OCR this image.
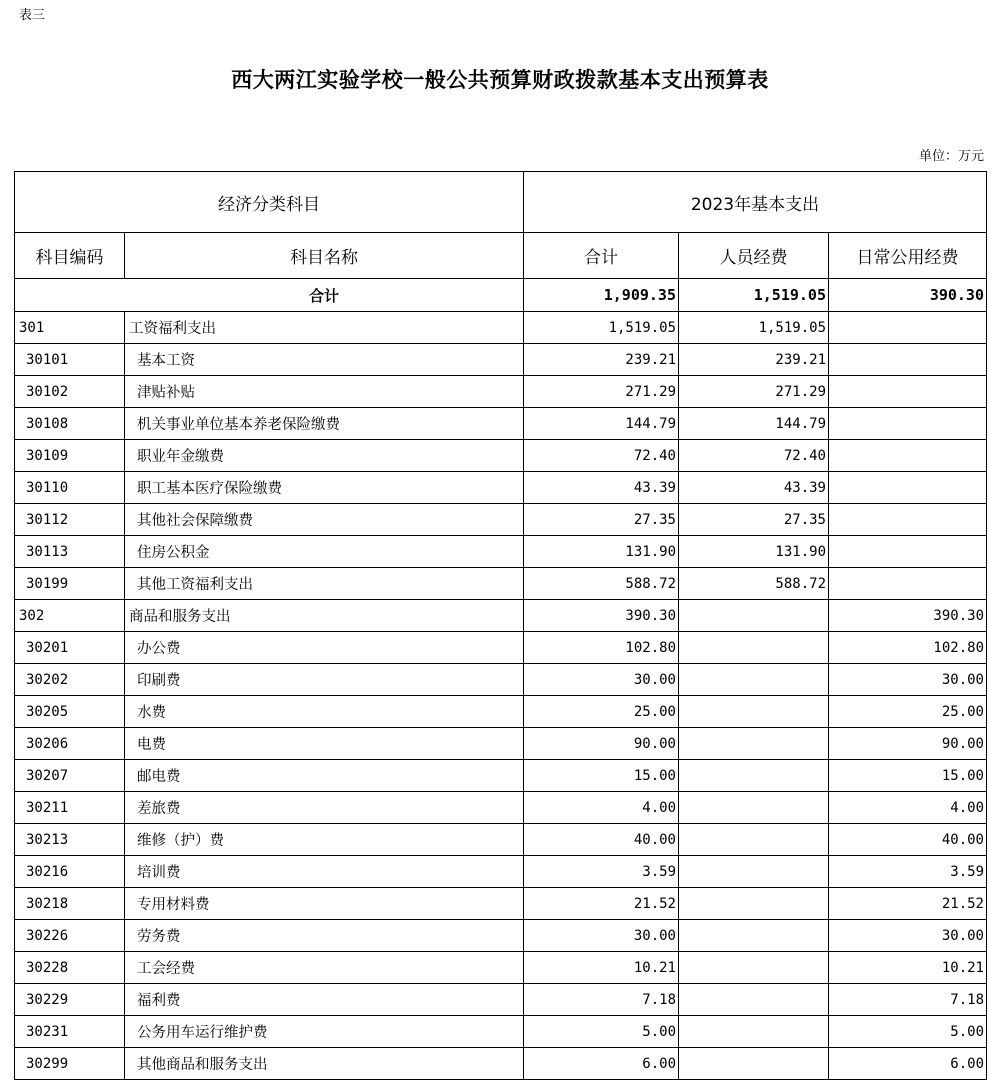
表三
西大两江实验学校一般公共预算财政拨款基本支出预算表
单位：万元
经济分类科目		2023年基本支出		
科目编码	科目名称	合计	人员经费	日常公用经费
合计		1,909.35	1,519.05	390.30
301	工资福利支出	1,519.05	1,519.05	
30101	基本工资	239.21	239.21	
30102	津贴补贴	271.29	271.29	
30108	机关事业单位基本养老保险缴费	144.79	144.79	
30109	职业年金缴费	72.40	72.40	
30110	职工基本医疗保险缴费	43.39	43.39	
30112	其他社会保障缴费	27.35	27.35	
30113	住房公积金	131.90	131.90	
30199	其他工资福利支出	588.72	588.72	
302	商品和服务支出	390.30		390.30
30201	办公费	102.80		102.80
30202	印刷费	30.00		30.00
30205	水费	25.00		25.00
30206	电费	90.00		90.00
30207	邮电费	15.00		15.00
30211	差旅费	4.00		4.00
30213	维修（护）费	40.00		40.00
30216	培训费	3.59		3.59
30218	专用材料费	21.52		21.52
30226	劳务费	30.00		30.00
30228	工会经费	10.21		10.21
30229	福利费	7.18		7.18
30231	公务用车运行维护费	5.00		5.00
30299	其他商品和服务支出	6.00		6.00
